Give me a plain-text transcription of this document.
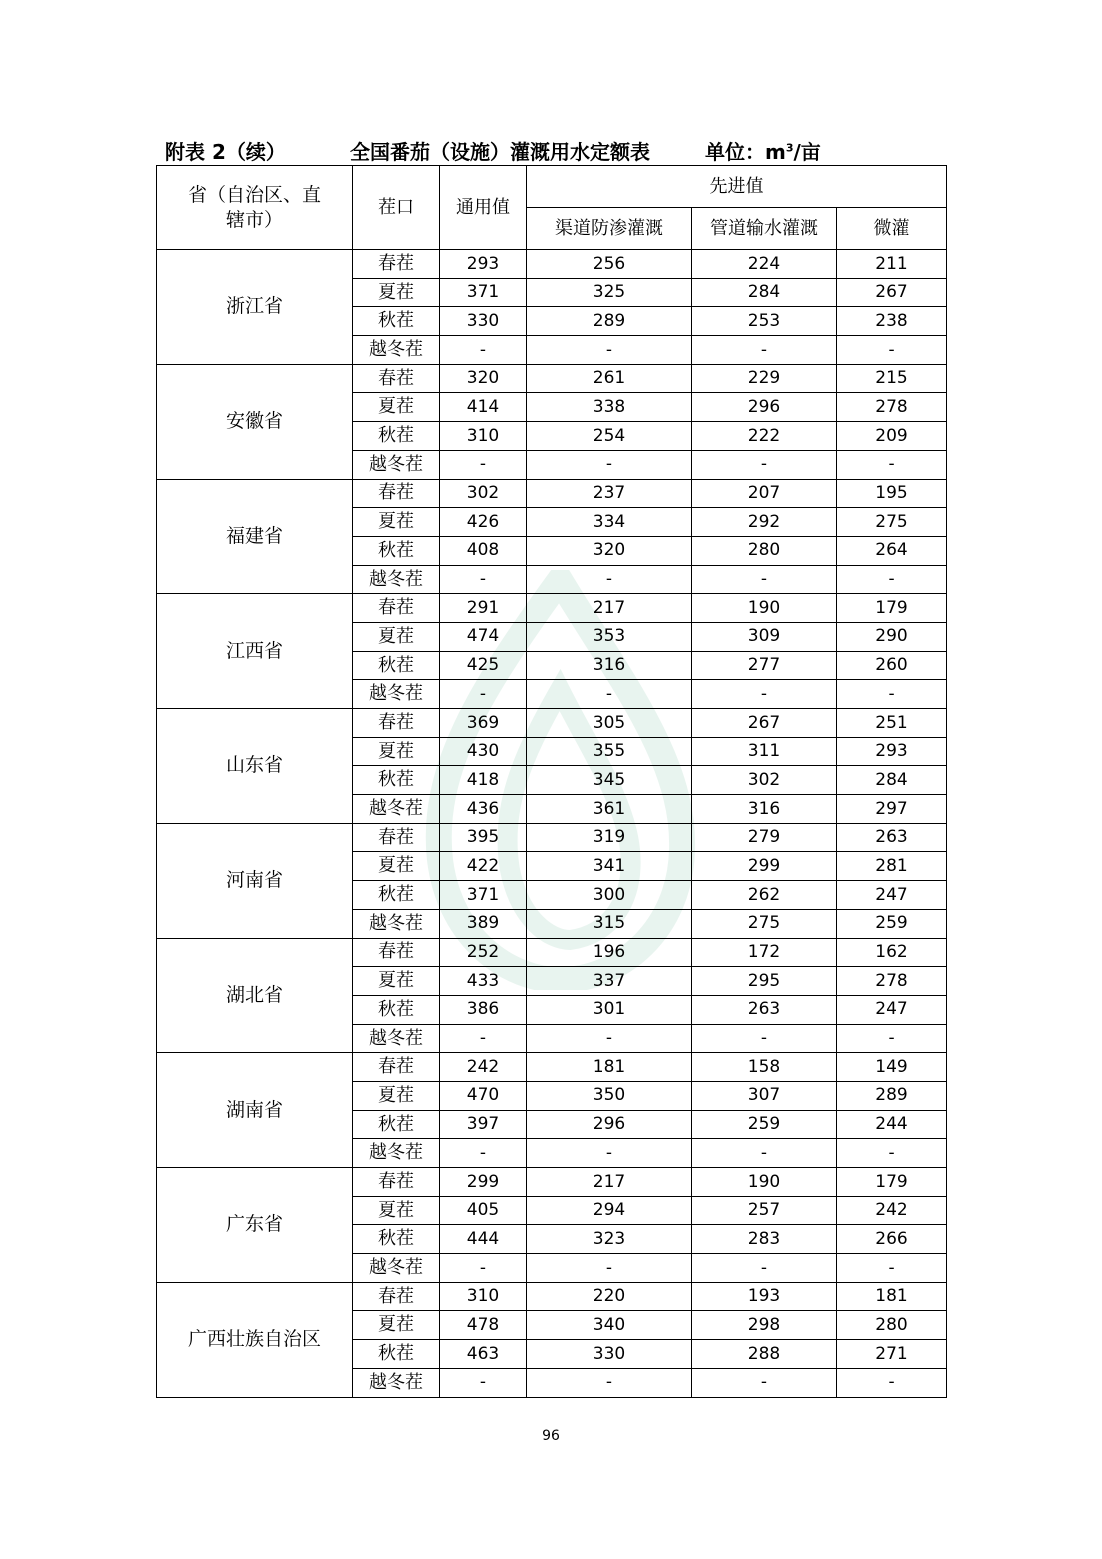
附表 2（续）	全国番茄（设施）灌溉用水定额表	单位：$m^3/$亩
省（自治区、直辖市）	茬口	通用值	先进值		
			渠道防渗灌溉	管道输水灌溉	微灌
浙江省	春茬	293	256	224	211
	夏茬	371	325	284	267
	秋茬	330	289	253	238
	越冬茬	-	-	-	-
安徽省	春茬	320	261	229	215
	夏茬	414	338	296	278
	秋茬	310	254	222	209
	越冬茬	-	-	-	-
福建省	春茬	302	237	207	195
	夏茬	426	334	292	275
	秋茬	408	320	280	264
	越冬茬	-	-	-	-
江西省	春茬	291	217	190	179
	夏茬	474	353	309	290
	秋茬	425	316	277	260
	越冬茬	-	-	-	-
山东省	春茬	369	305	267	251
	夏茬	430	355	311	293
	秋茬	418	345	302	284
	越冬茬	436	361	316	297
河南省	春茬	395	319	279	263
	夏茬	422	341	299	281
	秋茬	371	300	262	247
	越冬茬	389	315	275	259
湖北省	春茬	252	196	172	162
	夏茬	433	337	295	278
	秋茬	386	301	263	247
	越冬茬	-	-	-	-
湖南省	春茬	242	181	158	149
	夏茬	470	350	307	289
	秋茬	397	296	259	244
	越冬茬	-	-	-	-
广东省	春茬	299	217	190	179
	夏茬	405	294	257	242
	秋茬	444	323	283	266
	越冬茬	-	-	-	-
广西壮族自治区	春茬	310	220	193	181
	夏茬	478	340	298	280
	秋茬	463	330	288	271
	越冬茬	-	-	-	-
96
